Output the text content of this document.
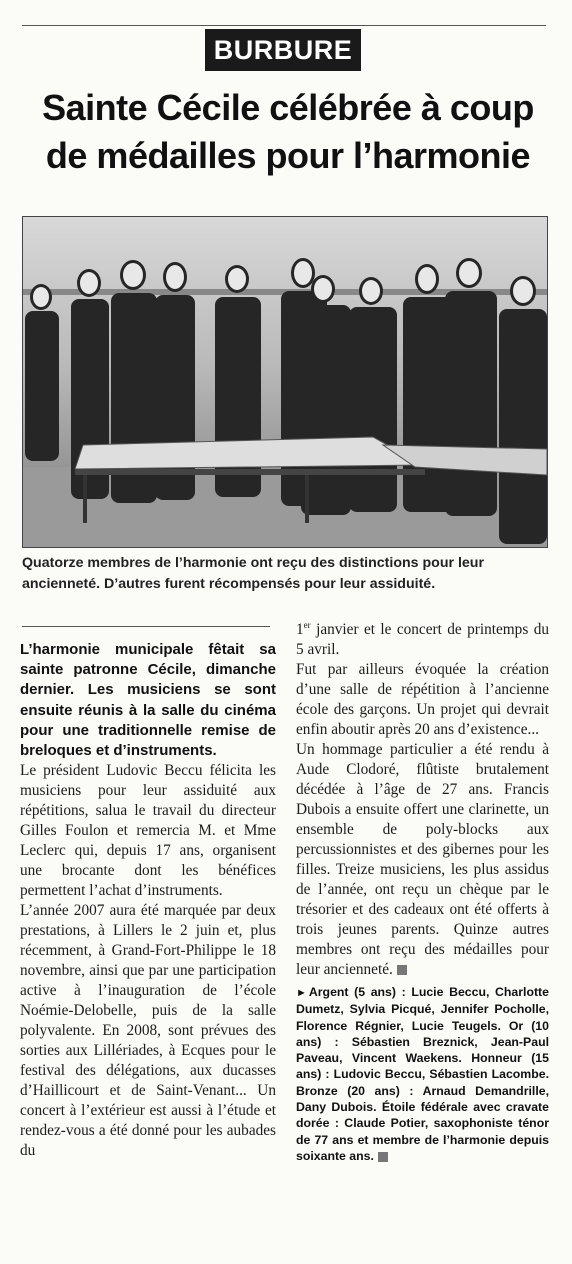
BURBURE
Sainte Cécile célébrée à coup de médailles pour l’harmonie
Quatorze membres de l’harmonie ont reçu des distinctions pour leur ancienneté. D’autres furent récompensés pour leur assiduité.
L’harmonie municipale fêtait sa sainte patronne Cécile, dimanche dernier. Les musiciens se sont ensuite réunis à la salle du cinéma pour une traditionnelle remise de breloques et d’instruments.

Le président Ludovic Beccu félicita les musiciens pour leur assiduité aux répétitions, salua le travail du directeur Gilles Foulon et remercia M. et Mme Leclerc qui, depuis 17 ans, organisent une brocante dont les bénéfices permettent l’achat d’instruments.

L’année 2007 aura été marquée par deux prestations, à Lillers le 2 juin et, plus récemment, à Grand-Fort-Philippe le 18 novembre, ainsi que par une participation active à l’inauguration de l’école Noémie-Delobelle, puis de la salle polyvalente. En 2008, sont prévues des sorties aux Lillériades, à Ecques pour le festival des délégations, aux ducasses d’Haillicourt et de Saint-Venant... Un concert à l’extérieur est aussi à l’étude et rendez-vous a été donné pour les aubades du

1er janvier et le concert de printemps du 5 avril.

Fut par ailleurs évoquée la création d’une salle de répétition à l’ancienne école des garçons. Un projet qui devrait enfin aboutir après 20 ans d’existence...

Un hommage particulier a été rendu à Aude Clodoré, flûtiste brutalement décédée à l’âge de 27 ans. Francis Dubois a ensuite offert une clarinette, un ensemble de poly-blocks aux percussionnistes et des gibernes pour les filles. Treize musiciens, les plus assidus de l’année, ont reçu un chèque par le trésorier et des cadeaux ont été offerts à trois jeunes parents. Quinze autres membres ont reçu des médailles pour leur ancienneté.

► Argent (5 ans) : Lucie Beccu, Charlotte Dumetz, Sylvia Picqué, Jennifer Pocholle, Florence Régnier, Lucie Teugels. Or (10 ans) : Sébastien Breznick, Jean-Paul Paveau, Vincent Waekens. Honneur (15 ans) : Ludovic Beccu, Sébastien Lacombe. Bronze (20 ans) : Arnaud Demandrille, Dany Dubois. Étoile fédérale avec cravate dorée : Claude Potier, saxophoniste ténor de 77 ans et membre de l’harmonie depuis soixante ans.
